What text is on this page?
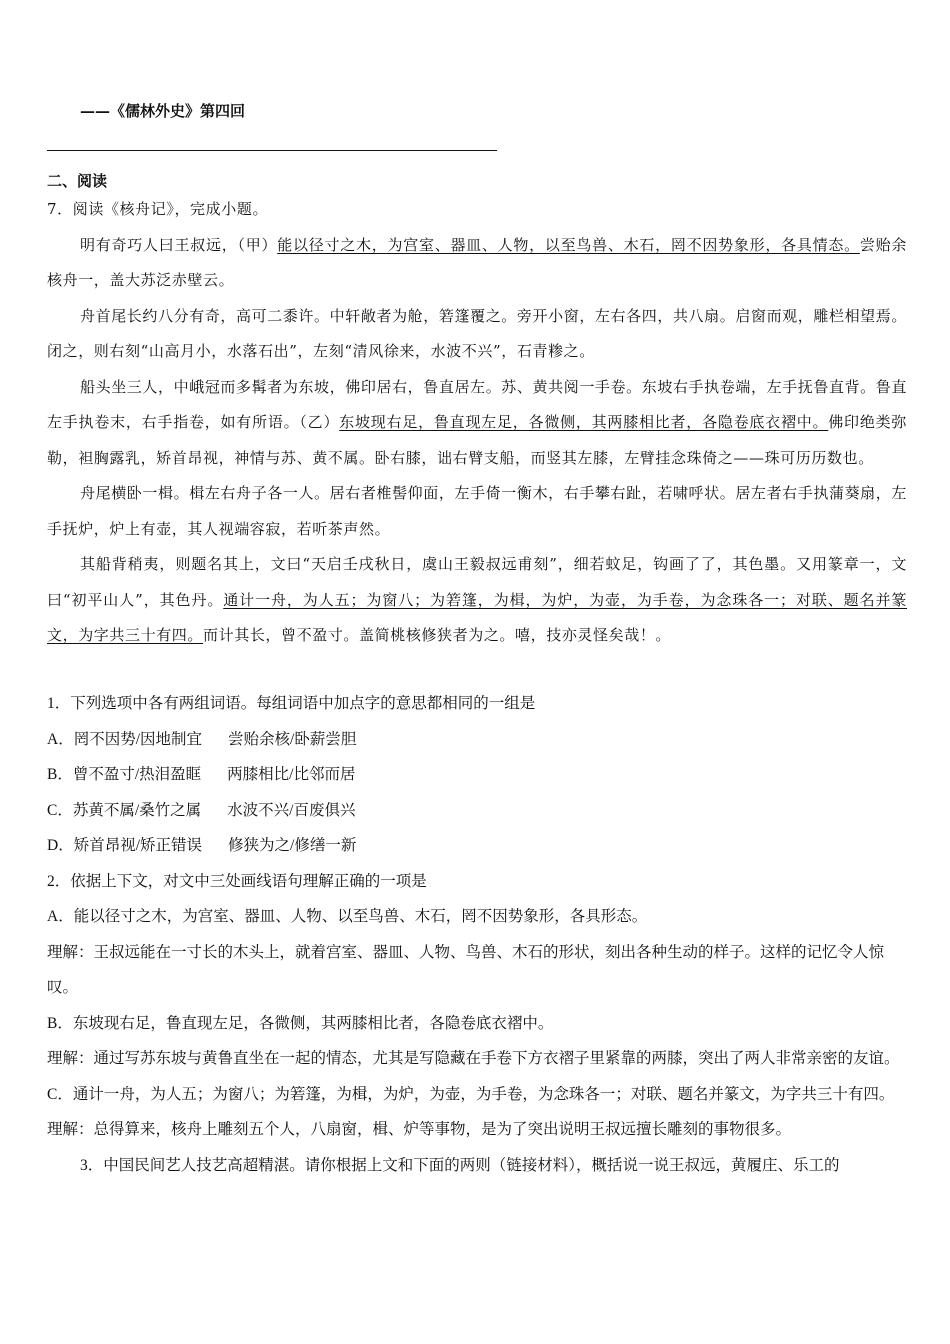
——《儒林外史》第四回
二、阅读

7．阅读《核舟记》，完成小题。

明有奇巧人曰王叔远，（甲）能以径寸之木，为宫室、器皿、人物，以至鸟兽、木石，罔不因势象形，各具情态。尝贻余核舟一，盖大苏泛赤壁云。

舟首尾长约八分有奇，高可二黍许。中轩敞者为舱，箬篷覆之。旁开小窗，左右各四，共八扇。启窗而观，雕栏相望焉。闭之，则右刻“山高月小，水落石出”，左刻“清风徐来，水波不兴”，石青糁之。

船头坐三人，中峨冠而多髯者为东坡，佛印居右，鲁直居左。苏、黄共阅一手卷。东坡右手执卷端，左手抚鲁直背。鲁直左手执卷末，右手指卷，如有所语。（乙）东坡现右足，鲁直现左足，各微侧，其两膝相比者，各隐卷底衣褶中。佛印绝类弥勒，袒胸露乳，矫首昂视，神情与苏、黄不属。卧右膝，诎右臂支船，而竖其左膝，左臂挂念珠倚之——珠可历历数也。

舟尾横卧一楫。楫左右舟子各一人。居右者椎髻仰面，左手倚一衡木，右手攀右趾，若啸呼状。居左者右手执蒲葵扇，左手抚炉，炉上有壶，其人视端容寂，若听茶声然。

其船背稍夷，则题名其上，文曰“天启壬戌秋日，虞山王毅叔远甫刻”，细若蚊足，钩画了了，其色墨。又用篆章一，文曰“初平山人”，其色丹。通计一舟，为人五；为窗八；为箬篷，为楫，为炉，为壶，为手卷，为念珠各一；对联、题名并篆文，为字共三十有四。而计其长，曾不盈寸。盖简桃核修狭者为之。嘻，技亦灵怪矣哉！。

1．下列选项中各有两组词语。每组词语中加点字的意思都相同的一组是

A．罔不因势/因地制宜 尝贻余核/卧薪尝胆

B．曾不盈寸/热泪盈眶 两膝相比/比邻而居

C．苏黄不属/桑竹之属 水波不兴/百废俱兴

D．矫首昂视/矫正错误 修狭为之/修缮一新

2．依据上下文，对文中三处画线语句理解正确的一项是

A．能以径寸之木，为宫室、器皿、人物、以至鸟兽、木石，罔不因势象形，各具形态。

理解：王叔远能在一寸长的木头上，就着宫室、器皿、人物、鸟兽、木石的形状，刻出各种生动的样子。这样的记忆令人惊叹。

B．东坡现右足，鲁直现左足，各微侧，其两膝相比者，各隐卷底衣褶中。

理解：通过写苏东坡与黄鲁直坐在一起的情态，尤其是写隐藏在手卷下方衣褶子里紧靠的两膝，突出了两人非常亲密的友谊。

C．通计一舟，为人五；为窗八；为箬篷，为楫，为炉，为壶，为手卷，为念珠各一；对联、题名并篆文，为字共三十有四。

理解：总得算来，核舟上雕刻五个人，八扇窗，楫、炉等事物，是为了突出说明王叔远擅长雕刻的事物很多。

3．中国民间艺人技艺高超精湛。请你根据上文和下面的两则（链接材料），概括说一说王叔远，黄履庄、乐工的
